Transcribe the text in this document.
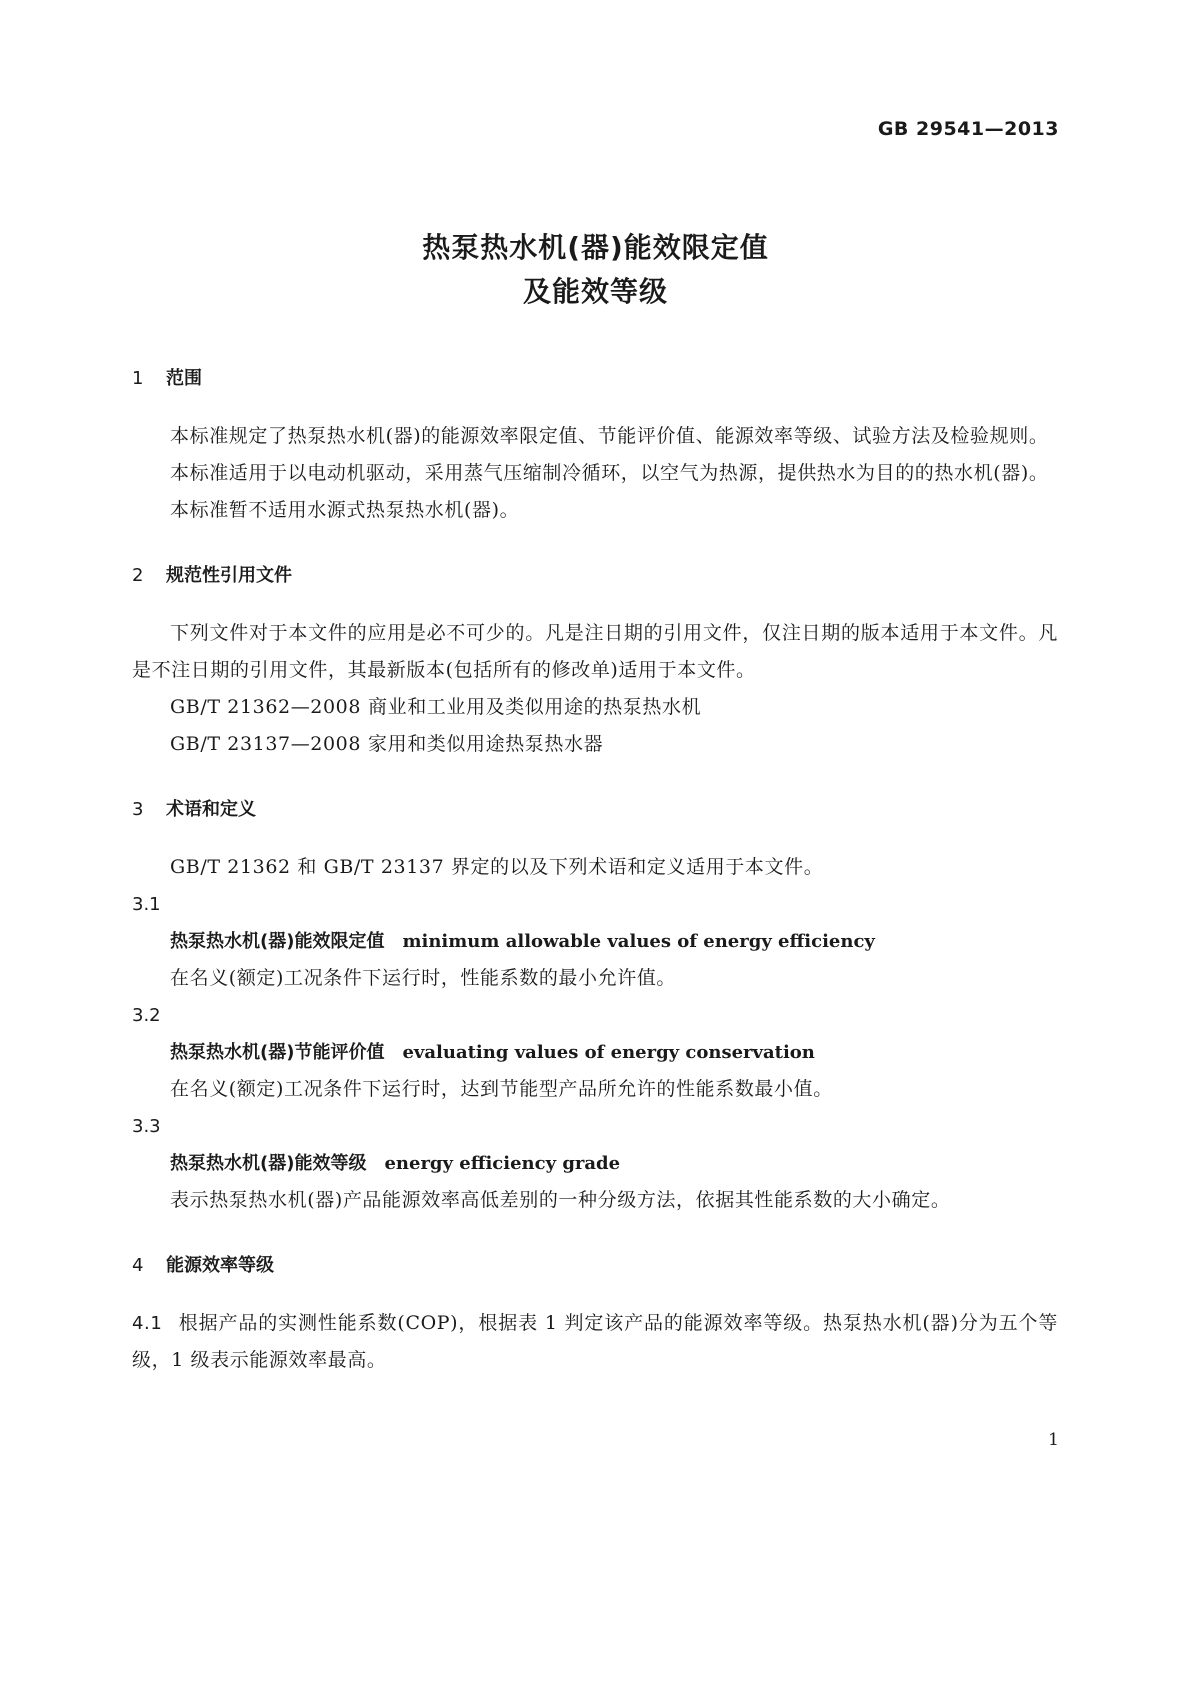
GB 29541—2013
热泵热水机(器)能效限定值
及能效等级
1 范围

本标准规定了热泵热水机(器)的能源效率限定值、节能评价值、能源效率等级、试验方法及检验规则。

本标准适用于以电动机驱动，采用蒸气压缩制冷循环，以空气为热源，提供热水为目的的热水机(器)。

本标准暂不适用水源式热泵热水机(器)。

2 规范性引用文件

下列文件对于本文件的应用是必不可少的。凡是注日期的引用文件，仅注日期的版本适用于本文件。凡是不注日期的引用文件，其最新版本(包括所有的修改单)适用于本文件。

GB/T 21362—2008 商业和工业用及类似用途的热泵热水机

GB/T 23137—2008 家用和类似用途热泵热水器

3 术语和定义

GB/T 21362 和 GB/T 23137 界定的以及下列术语和定义适用于本文件。

3.1

热泵热水机(器)能效限定值 minimum allowable values of energy efficiency

在名义(额定)工况条件下运行时，性能系数的最小允许值。

3.2

热泵热水机(器)节能评价值 evaluating values of energy conservation

在名义(额定)工况条件下运行时，达到节能型产品所允许的性能系数最小值。

3.3

热泵热水机(器)能效等级 energy efficiency grade

表示热泵热水机(器)产品能源效率高低差别的一种分级方法，依据其性能系数的大小确定。

4 能源效率等级

4.1 根据产品的实测性能系数(COP)，根据表 1 判定该产品的能源效率等级。热泵热水机(器)分为五个等级，1 级表示能源效率最高。

1
